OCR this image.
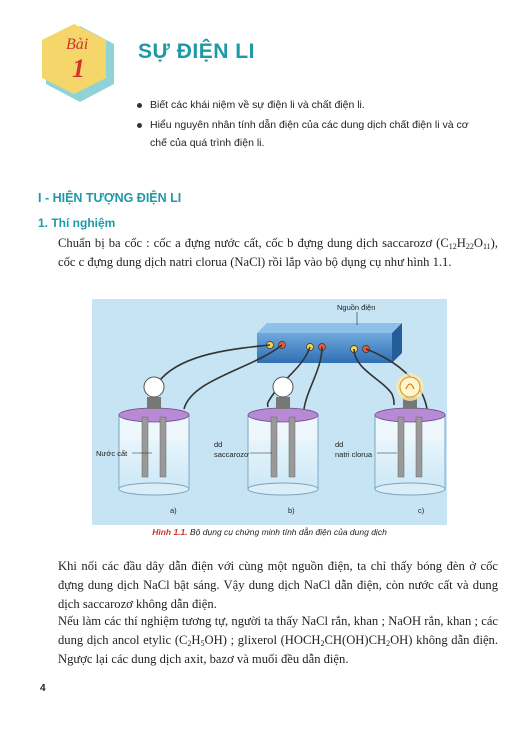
Bài
1
SỰ ĐIỆN LI
Biết các khái niệm về sự điện li và chất điện li.
Hiểu nguyên nhân tính dẫn điện của các dung dịch chất điện li và cơ chế của quá trình điện li.
I - HIỆN TƯỢNG ĐIỆN LI
1. Thí nghiệm
Chuẩn bị ba cốc : cốc a đựng nước cất, cốc b đựng dung dịch saccarozơ $(C_{12}H_{22}O_{11})$, cốc c đựng dung dịch natri clorua (NaCl) rồi lắp vào bộ dụng cụ như hình 1.1.
Nguồn điện
Nước cất
dd
saccarozơ
dd
natri clorua
a)	b)	c)
Hình 1.1. Bộ dụng cụ chứng minh tính dẫn điện của dung dịch
Khi nối các đầu dây dẫn điện với cùng một nguồn điện, ta chỉ thấy bóng đèn ở cốc đựng dung dịch NaCl bật sáng. Vậy dung dịch NaCl dẫn điện, còn nước cất và dung dịch saccarozơ không dẫn điện.
Nếu làm các thí nghiệm tương tự, người ta thấy NaCl rắn, khan ; NaOH rắn, khan ; các dung dịch ancol etylic $(C_2H_5OH)$ ; glixerol $(HOCH_2CH(OH)CH_2OH)$ không dẫn điện. Ngược lại các dung dịch axit, bazơ và muối đều dẫn điện.
4
